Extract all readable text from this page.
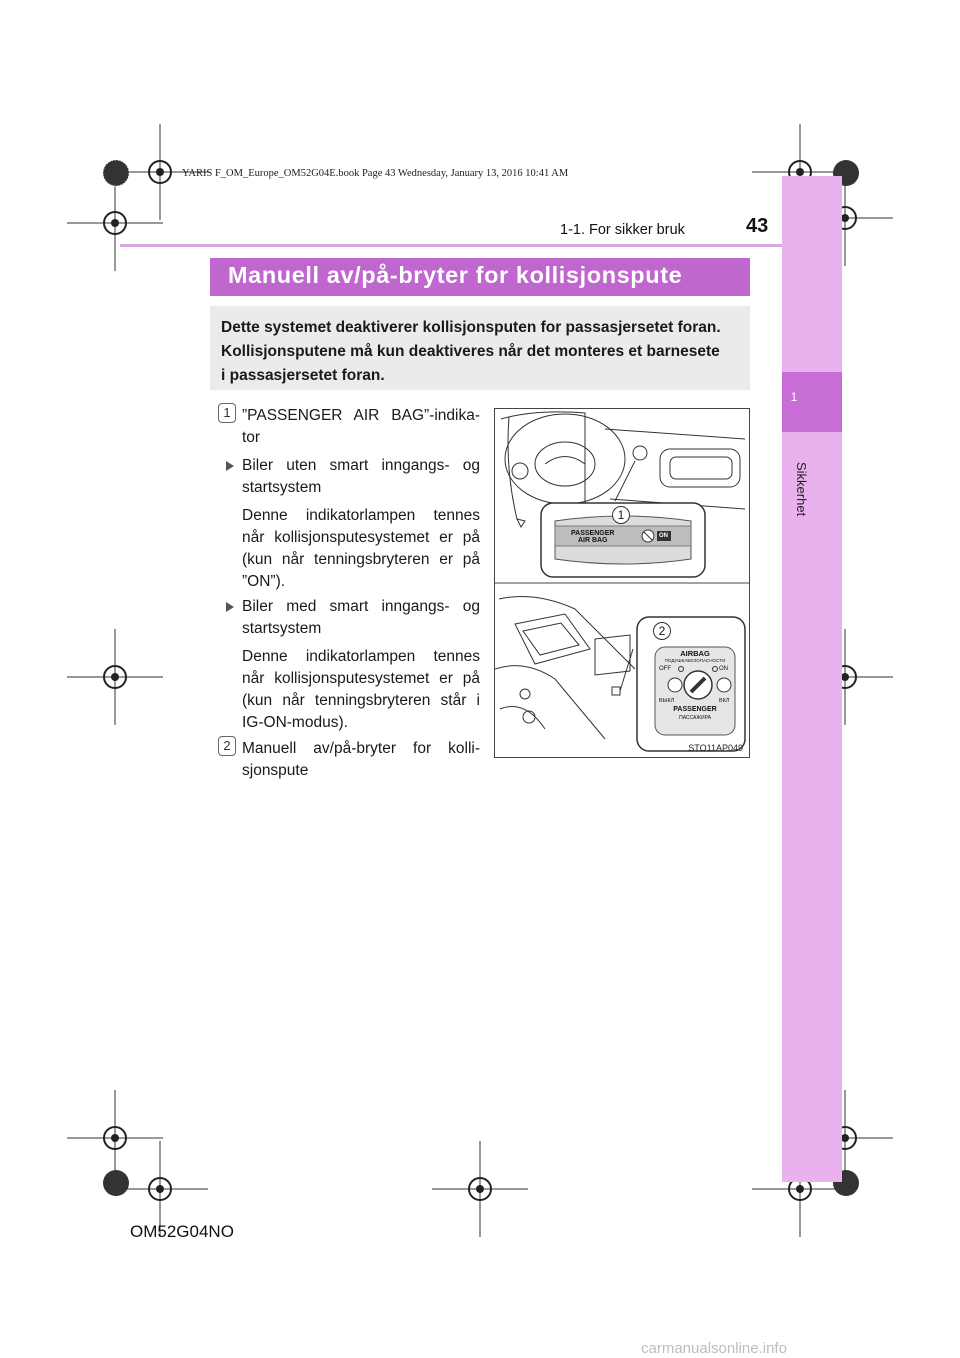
YARIS F_OM_Europe_OM52G04E.book Page 43 Wednesday, January 13, 2016 10:41 AM
43
1-1. For sikker bruk
1
Sikkerhet
Manuell av/på-bryter for kollisjonspute

Dette systemet deaktiverer kollisjonsputen for passasjersetet foran.

Kollisjonsputene må kun deaktiveres når det monteres et barnesete

i passasjersetet foran.

1 ”PASSENGER AIR BAG”-indika-
tor
Biler uten smart inngangs- og
startsystem
Denne indikatorlampen tennes
når kollisjonsputesystemet er på
(kun når tenningsbryteren er på
”ON”).
Biler med smart inngangs- og
startsystem
Denne indikatorlampen tennes
når kollisjonsputesystemet er på
(kun når tenningsbryteren står i
IG-ON-modus).
2 Manuell av/på-bryter for kolli-
sjonspute
1
PASSENGER
AIR BAG
ON
2
AIRBAG
ПОДУШКАБЕЗОПАСНОСТИ
OFF	ON
ВЫКЛ	ВКЛ
PASSENGER
ПАССАЖИРА
STO11AP049
OM52G04NO
carmanualsonline.info
